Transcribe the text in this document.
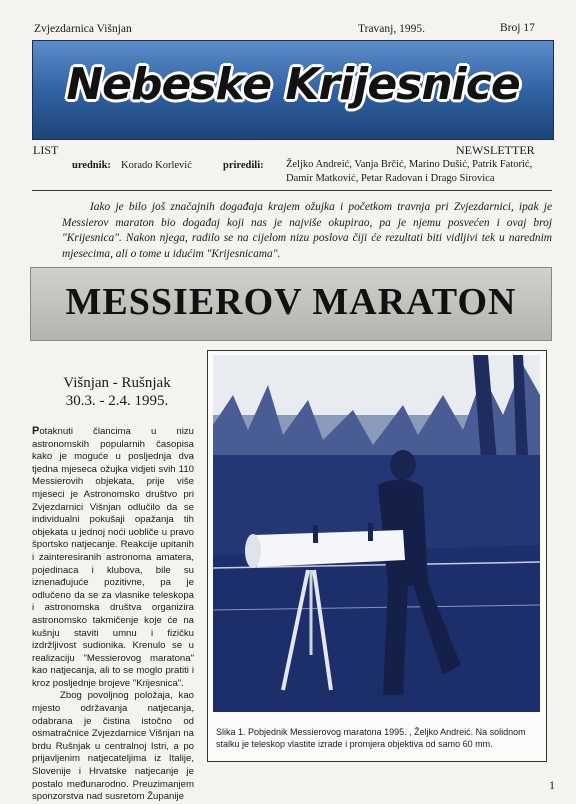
Zvjezdarnica Višnjan	Travanj, 1995.	Broj 17
Nebeske Krijesnice
LIST	NEWSLETTER
urednik: Korado Korlević	priredili: Željko Andreić, Vanja Brčić, Marino Dušić, Patrik Fatorić,
Damir Matković, Petar Radovan i Drago Sirovica

Iako je bilo još značajnih događaja krajem ožujka i početkom travnja pri Zvjezdarnici, ipak je Messierov maraton bio događaj koji nas je najviše okupirao, pa je njemu posvećen i ovaj broj "Krijesnica". Nakon njega, radilo se na cijelom nizu poslova čiji će rezultati biti vidljivi tek u narednim mjesecima, ali o tome u idućim "Krijesnicama".

MESSIEROV MARATON
Višnjan - Rušnjak
30.3. - 2.4. 1995.
Potaknuti člancima u nizu astronomskih popularnih časopisa kako je moguće u posljednja dva tjedna mjeseca ožujka vidjeti svih 110 Messierovih objekata, prije više mjeseci je Astronomsko društvo pri Zvjezdarnici Višnjan odlučilo da se individualni pokušaji opažanja tih objekata u jednoj noći uobliče u pravo športsko natjecanje. Reakcije upitanih i zainteresiranih astronoma amatera, pojedinaca i klubova, bile su iznenađujuće pozitivne, pa je odlučeno da se za vlasnike teleskopa i astronomska društva organizira astronomsko takmičenje koje će na kušnju staviti umnu i fizičku izdržljivost sudionika. Krenulo se u realizaciju "Messierovog maratona" kao natjecanja, ali to se moglo pratiti i kroz posljednje brojeve "Krijesnica".
Zbog povoljnog položaja, kao mjesto održavanja natjecanja, odabrana je čistina istočno od osmatračnice Zvjezdarnice Višnjan na brdu Rušnjak u centralnoj Istri, a po prijavljenim natjecateljima iz Italije, Slovenije i Hrvatske natjecanje je postalo međunarodno. Preuzimanjem sponzorstva nad susretom Županije

Slika 1. Pobjednik Messierovog maratona 1995. , Željko Andreić. Na solidnom stalku je teleskop vlastite izrade i promjera objektiva od samo 60 mm.

1
